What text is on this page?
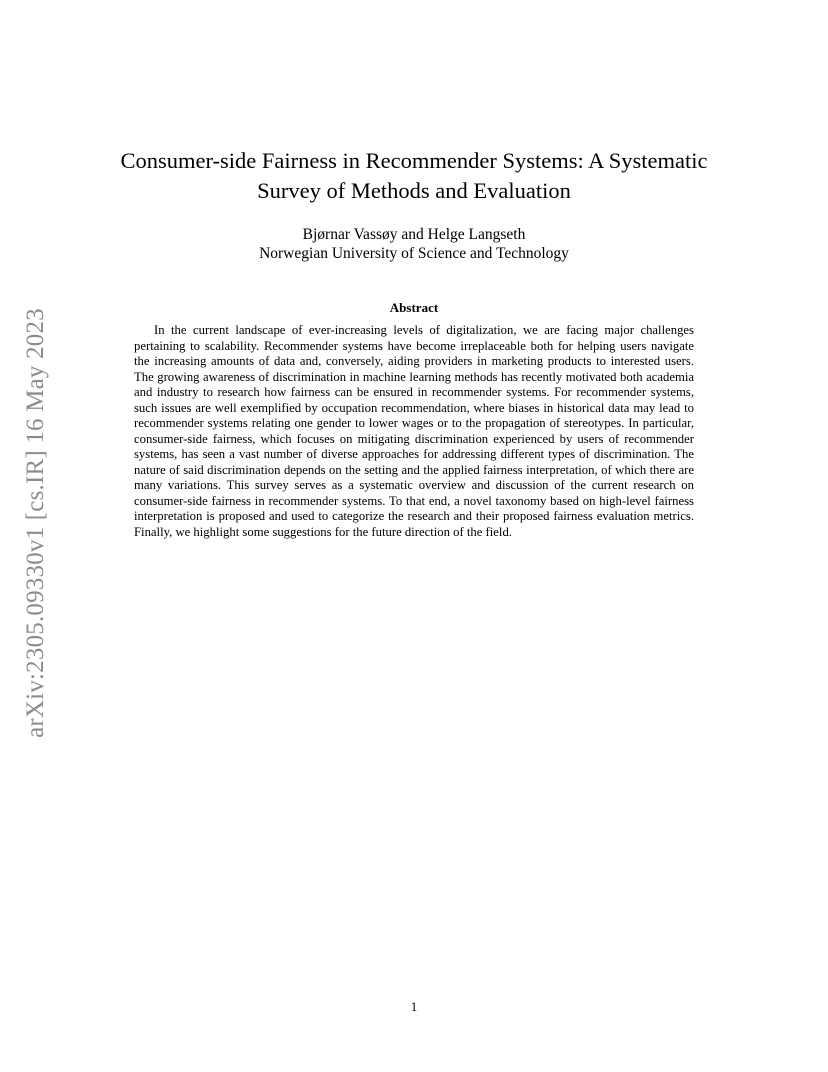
arXiv:2305.09330v1 [cs.IR] 16 May 2023
Consumer-side Fairness in Recommender Systems: A Systematic Survey of Methods and Evaluation
Bjørnar Vassøy and Helge Langseth
Norwegian University of Science and Technology
Abstract

In the current landscape of ever-increasing levels of digitalization, we are facing major challenges pertaining to scalability. Recommender systems have become irreplaceable both for helping users navigate the increasing amounts of data and, conversely, aiding providers in marketing products to interested users. The growing awareness of discrimination in machine learning methods has recently motivated both academia and industry to research how fairness can be ensured in recommender systems. For recommender systems, such issues are well exemplified by occupation recommendation, where biases in historical data may lead to recommender systems relating one gender to lower wages or to the propagation of stereotypes. In particular, consumer-side fairness, which focuses on mitigating discrimination experienced by users of recommender systems, has seen a vast number of diverse approaches for addressing different types of discrimination. The nature of said discrimination depends on the setting and the applied fairness interpretation, of which there are many variations. This survey serves as a systematic overview and discussion of the current research on consumer-side fairness in recommender systems. To that end, a novel taxonomy based on high-level fairness interpretation is proposed and used to categorize the research and their proposed fairness evaluation metrics. Finally, we highlight some suggestions for the future direction of the field.

1
